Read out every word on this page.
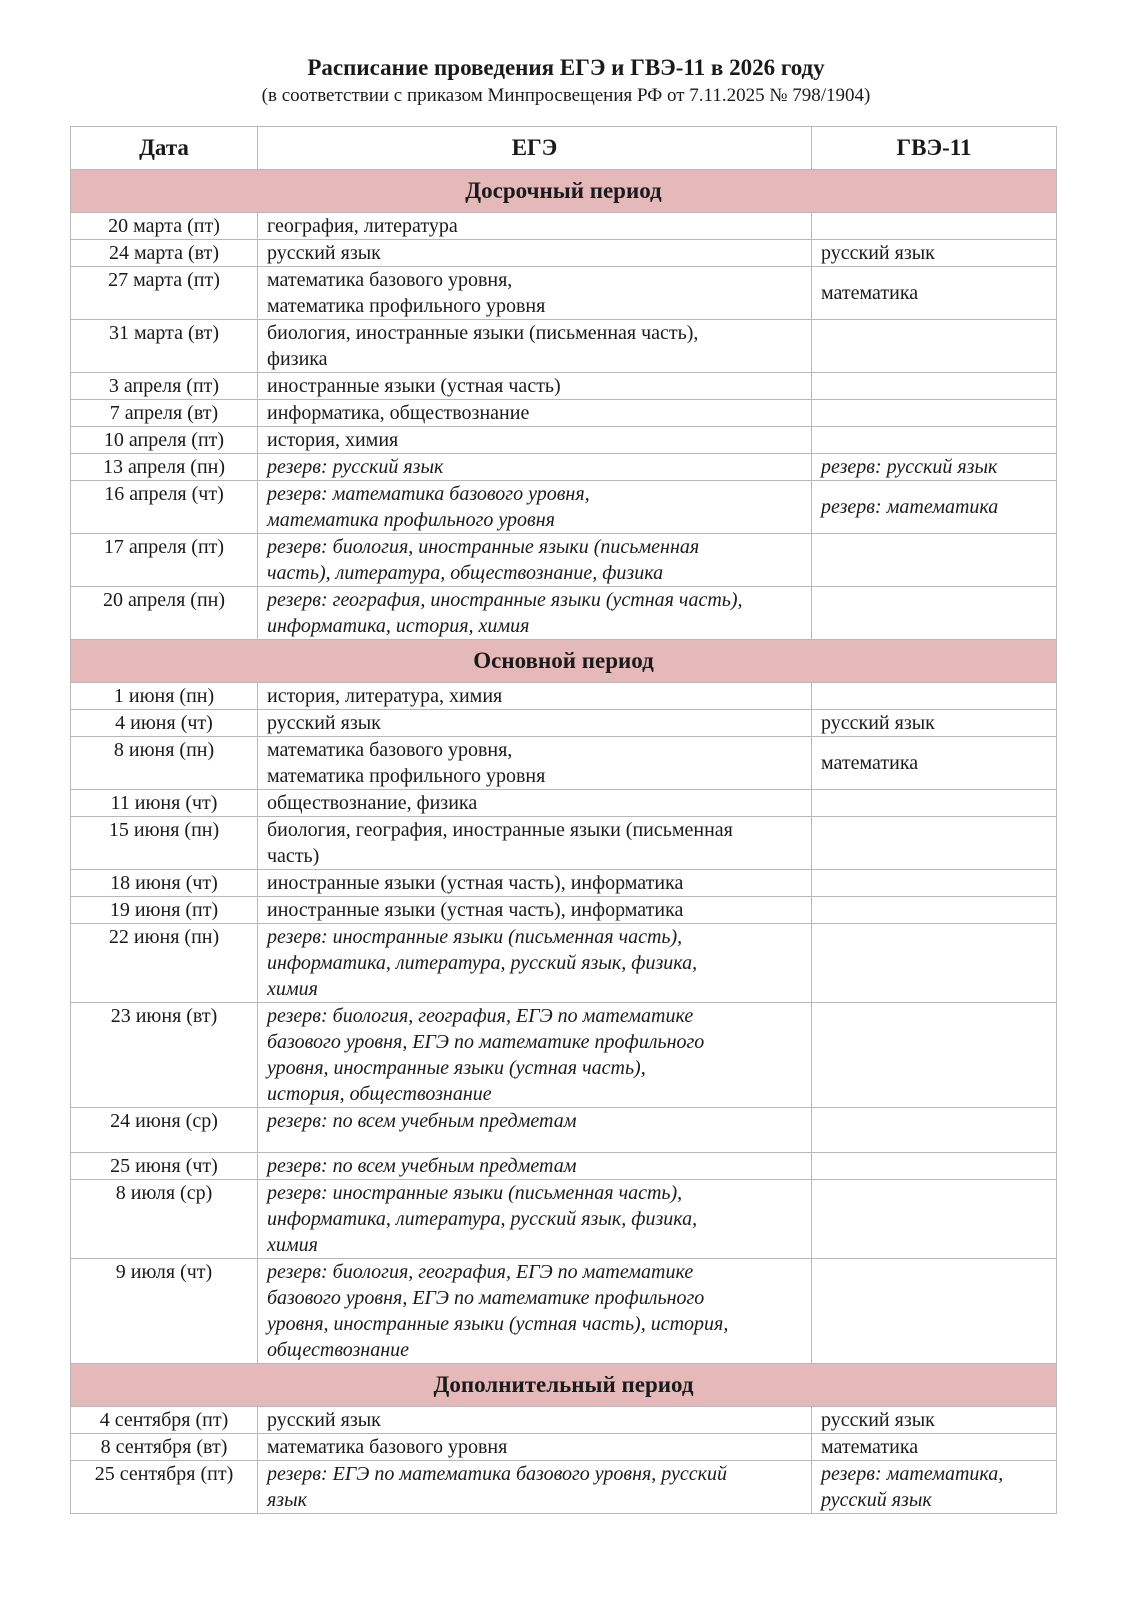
Расписание проведения ЕГЭ и ГВЭ-11 в 2026 году
(в соответствии с приказом Минпросвещения РФ от 7.11.2025 № 798/1904)
Дата	ЕГЭ	ГВЭ-11
Досрочный период		
20 марта (пт)	география, литература	
24 марта (вт)	русский язык	русский язык
27 марта (пт)	математика базового уровня,
математика профильного уровня	математика
31 марта (вт)	биология, иностранные языки (письменная часть),
физика	
3 апреля (пт)	иностранные языки (устная часть)	
7 апреля (вт)	информатика, обществознание	
10 апреля (пт)	история, химия	
13 апреля (пн)	резерв: русский язык	резерв: русский язык
16 апреля (чт)	резерв: математика базового уровня,
математика профильного уровня	резерв: математика
17 апреля (пт)	резерв: биология, иностранные языки (письменная
часть), литература, обществознание, физика	
20 апреля (пн)	резерв: география, иностранные языки (устная часть),
информатика, история, химия	
Основной период		
1 июня (пн)	история, литература, химия	
4 июня (чт)	русский язык	русский язык
8 июня (пн)	математика базового уровня,
математика профильного уровня	математика
11 июня (чт)	обществознание, физика	
15 июня (пн)	биология, география, иностранные языки (письменная
часть)	
18 июня (чт)	иностранные языки (устная часть), информатика	
19 июня (пт)	иностранные языки (устная часть), информатика	
22 июня (пн)	резерв: иностранные языки (письменная часть),
информатика, литература, русский язык, физика,
химия	
23 июня (вт)	резерв: биология, география, ЕГЭ по математике
базового уровня, ЕГЭ по математике профильного
уровня, иностранные языки (устная часть),
история, обществознание	
24 июня (ср)	резерв: по всем учебным предметам	
25 июня (чт)	резерв: по всем учебным предметам	
8 июля (ср)	резерв: иностранные языки (письменная часть),
информатика, литература, русский язык, физика,
химия	
9 июля (чт)	резерв: биология, география, ЕГЭ по математике
базового уровня, ЕГЭ по математике профильного
уровня, иностранные языки (устная часть), история,
обществознание	
Дополнительный период		
4 сентября (пт)	русский язык	русский язык
8 сентября (вт)	математика базового уровня	математика
25 сентября (пт)	резерв: ЕГЭ по математика базового уровня, русский
язык	резерв: математика,
русский язык
